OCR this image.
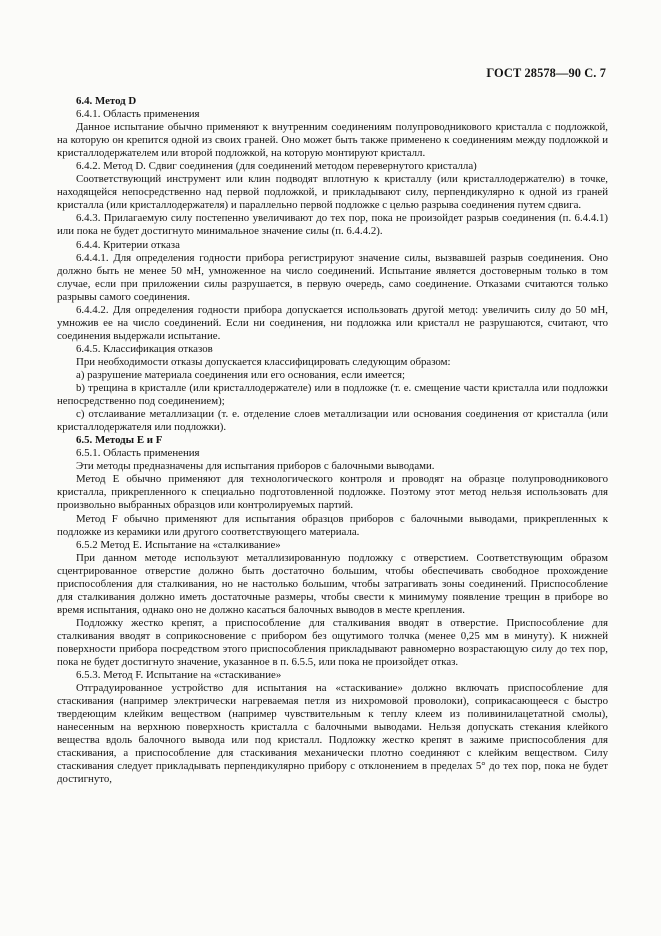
ГОСТ 28578—90 С. 7

6.4. Метод D

6.4.1. Область применения

Данное испытание обычно применяют к внутренним соединениям полупроводникового кристалла с подложкой, на которую он крепится одной из своих граней. Оно может быть также применено к соединениям между подложкой и кристаллодержателем или второй подложкой, на которую монтируют кристалл.

6.4.2. Метод D. Сдвиг соединения (для соединений методом перевернутого кристалла)

Соответствующий инструмент или клин подводят вплотную к кристаллу (или кристаллодержателю) в точке, находящейся непосредственно над первой подложкой, и прикладывают силу, перпендикулярно к одной из граней кристалла (или кристаллодержателя) и параллельно первой подложке с целью разрыва соединения путем сдвига.

6.4.3. Прилагаемую силу постепенно увеличивают до тех пор, пока не произойдет разрыв соединения (п. 6.4.4.1) или пока не будет достигнуто минимальное значение силы (п. 6.4.4.2).

6.4.4. Критерии отказа

6.4.4.1. Для определения годности прибора регистрируют значение силы, вызвавшей разрыв соединения. Оно должно быть не менее 50 мН, умноженное на число соединений. Испытание является достоверным только в том случае, если при приложении силы разрушается, в первую очередь, само соединение. Отказами считаются только разрывы самого соединения.

6.4.4.2. Для определения годности прибора допускается использовать другой метод: увеличить силу до 50 мН, умножив ее на число соединений. Если ни соединения, ни подложка или кристалл не разрушаются, считают, что соединения выдержали испытание.

6.4.5. Классификация отказов

При необходимости отказы допускается классифицировать следующим образом:

а) разрушение материала соединения или его основания, если имеется;

b) трещина в кристалле (или кристаллодержателе) или в подложке (т. е. смещение части кристалла или подложки непосредственно под соединением);

с) отслаивание металлизации (т. е. отделение слоев металлизации или основания соединения от кристалла (или кристаллодержателя или подложки).

6.5. Методы Е и F

6.5.1. Область применения

Эти методы предназначены для испытания приборов с балочными выводами.

Метод Е обычно применяют для технологического контроля и проводят на образце полупроводникового кристалла, прикрепленного к специально подготовленной подложке. Поэтому этот метод нельзя использовать для произвольно выбранных образцов или контролируемых партий.

Метод F обычно применяют для испытания образцов приборов с балочными выводами, прикрепленных к подложке из керамики или другого соответствующего материала.

6.5.2 Метод Е. Испытание на «сталкивание»

При данном методе используют металлизированную подложку с отверстием. Соответствующим образом сцентрированное отверстие должно быть достаточно большим, чтобы обеспечивать свободное прохождение приспособления для сталкивания, но не настолько большим, чтобы затрагивать зоны соединений. Приспособление для сталкивания должно иметь достаточные размеры, чтобы свести к минимуму появление трещин в приборе во время испытания, однако оно не должно касаться балочных выводов в месте крепления.

Подложку жестко крепят, а приспособление для сталкивания вводят в отверстие. Приспособление для сталкивания вводят в соприкосновение с прибором без ощутимого толчка (менее 0,25 мм в минуту). К нижней поверхности прибора посредством этого приспособления прикладывают равномерно возрастающую силу до тех пор, пока не будет достигнуто значение, указанное в п. 6.5.5, или пока не произойдет отказ.

6.5.3. Метод F. Испытание на «стаскивание»

Отградуированное устройство для испытания на «стаскивание» должно включать приспособление для стаскивания (например электрически нагреваемая петля из нихромовой проволоки), соприкасающееся с быстро твердеющим клейким веществом (например чувствительным к теплу клеем из поливинилацетатной смолы), нанесенным на верхнюю поверхность кристалла с балочными выводами. Нельзя допускать стекания клейкого вещества вдоль балочного вывода или под кристалл. Подложку жестко крепят в зажиме приспособления для стаскивания, а приспособление для стаскивания механически плотно соединяют с клейким веществом. Силу стаскивания следует прикладывать перпендикулярно прибору с отклонением в пределах 5° до тех пор, пока не будет достигнуто,
